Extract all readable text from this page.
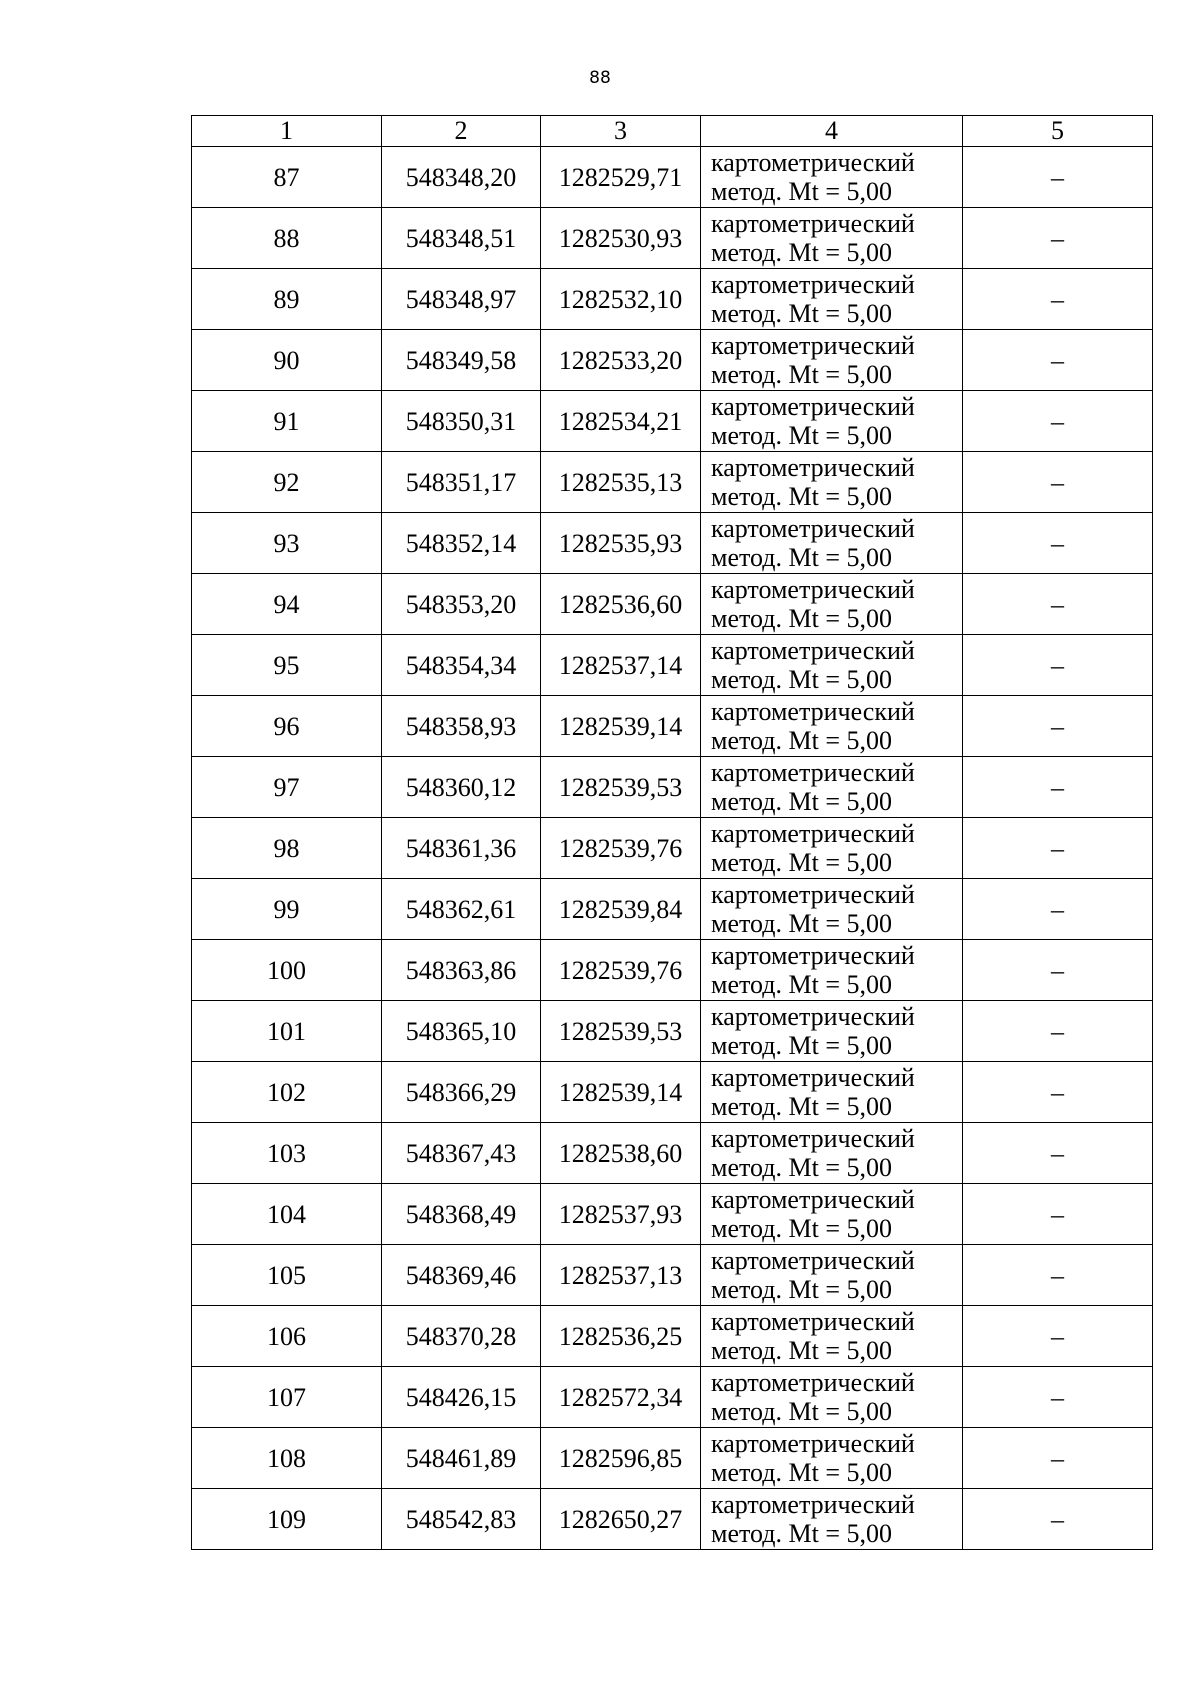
88
1	2	3	4	5
87	548348,20	1282529,71	картометрический
метод. Mt = 5,00	–
88	548348,51	1282530,93	картометрический
метод. Mt = 5,00	–
89	548348,97	1282532,10	картометрический
метод. Mt = 5,00	–
90	548349,58	1282533,20	картометрический
метод. Mt = 5,00	–
91	548350,31	1282534,21	картометрический
метод. Mt = 5,00	–
92	548351,17	1282535,13	картометрический
метод. Mt = 5,00	–
93	548352,14	1282535,93	картометрический
метод. Mt = 5,00	–
94	548353,20	1282536,60	картометрический
метод. Mt = 5,00	–
95	548354,34	1282537,14	картометрический
метод. Mt = 5,00	–
96	548358,93	1282539,14	картометрический
метод. Mt = 5,00	–
97	548360,12	1282539,53	картометрический
метод. Mt = 5,00	–
98	548361,36	1282539,76	картометрический
метод. Mt = 5,00	–
99	548362,61	1282539,84	картометрический
метод. Mt = 5,00	–
100	548363,86	1282539,76	картометрический
метод. Mt = 5,00	–
101	548365,10	1282539,53	картометрический
метод. Mt = 5,00	–
102	548366,29	1282539,14	картометрический
метод. Mt = 5,00	–
103	548367,43	1282538,60	картометрический
метод. Mt = 5,00	–
104	548368,49	1282537,93	картометрический
метод. Mt = 5,00	–
105	548369,46	1282537,13	картометрический
метод. Mt = 5,00	–
106	548370,28	1282536,25	картометрический
метод. Mt = 5,00	–
107	548426,15	1282572,34	картометрический
метод. Mt = 5,00	–
108	548461,89	1282596,85	картометрический
метод. Mt = 5,00	–
109	548542,83	1282650,27	картометрический
метод. Mt = 5,00	–
